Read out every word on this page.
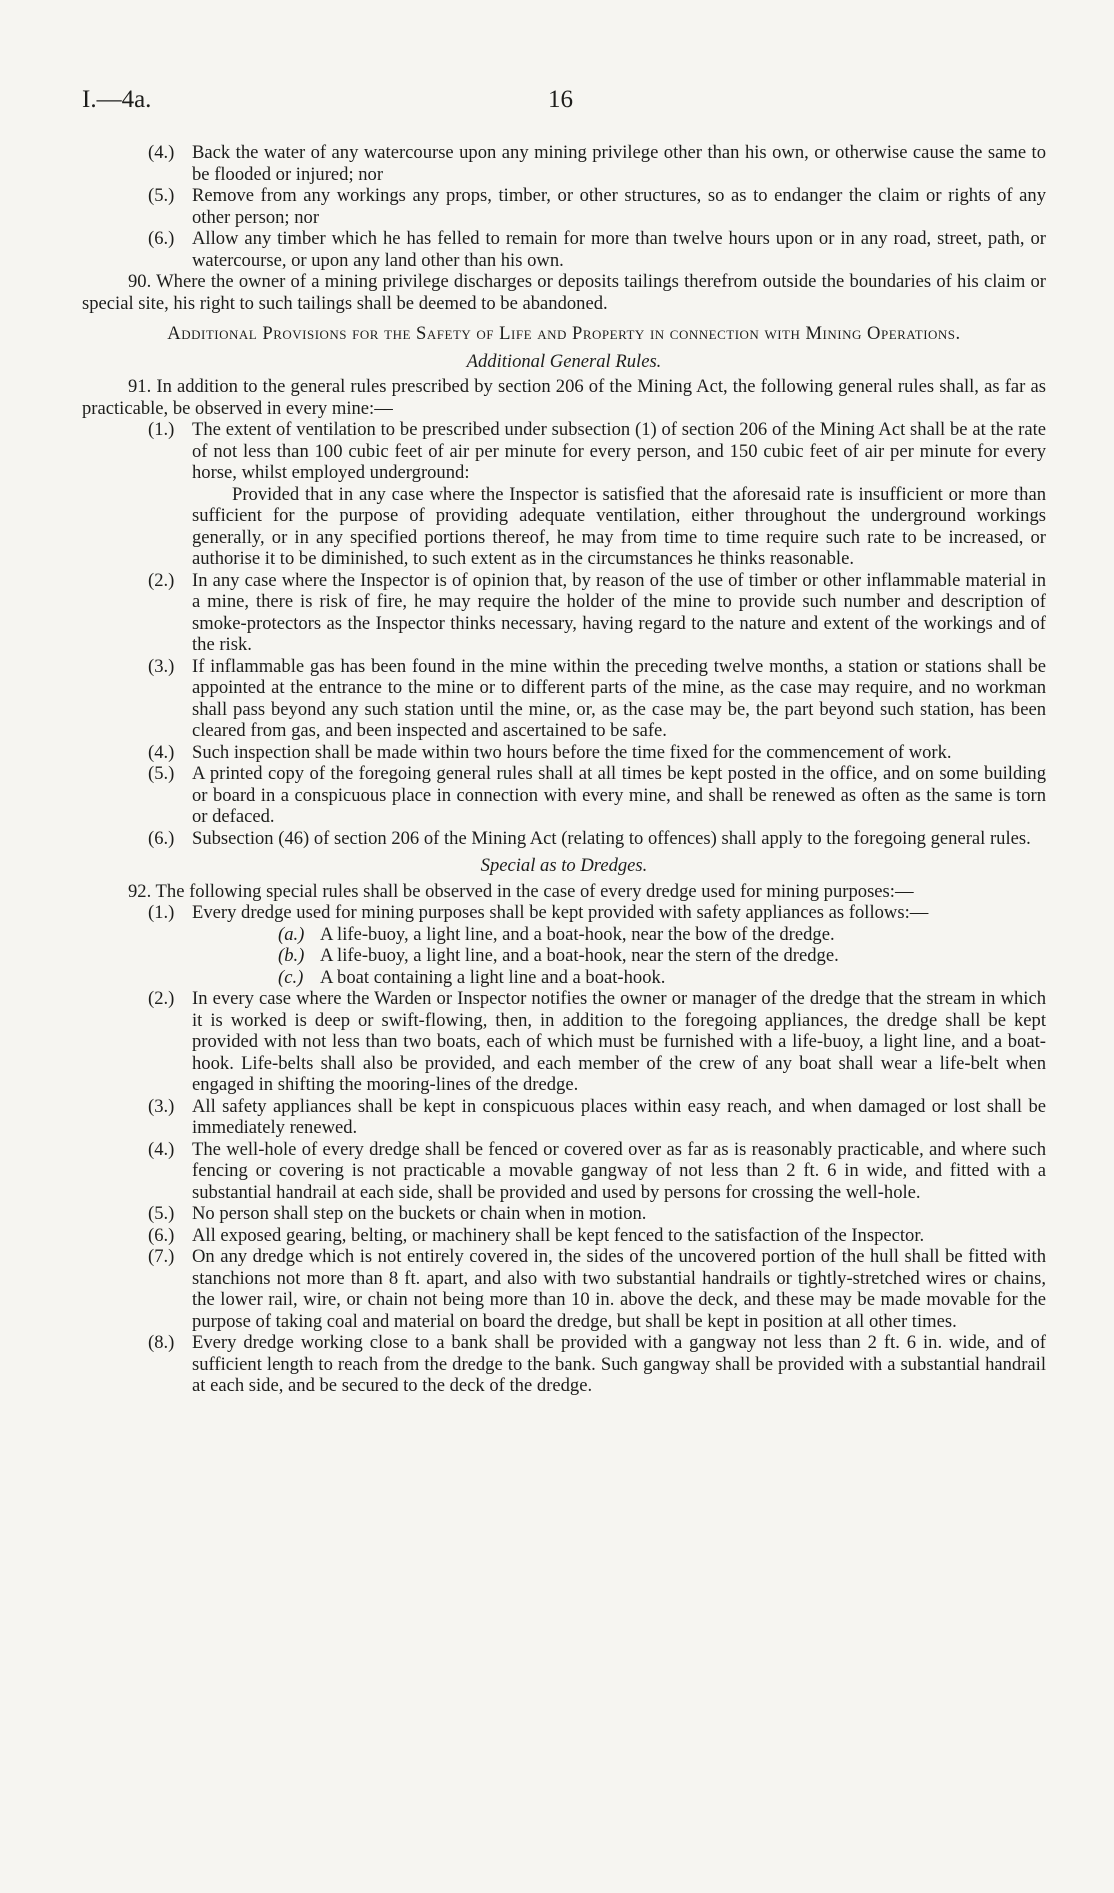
I.—4a.	16

(4.) Back the water of any watercourse upon any mining privilege other than his own, or otherwise cause the same to be flooded or injured; nor

(5.) Remove from any workings any props, timber, or other structures, so as to endanger the claim or rights of any other person; nor

(6.) Allow any timber which he has felled to remain for more than twelve hours upon or in any road, street, path, or watercourse, or upon any land other than his own.

90. Where the owner of a mining privilege discharges or deposits tailings therefrom outside the boundaries of his claim or special site, his right to such tailings shall be deemed to be abandoned.

Additional Provisions for the Safety of Life and Property in connection with Mining Operations.

Additional General Rules.

91. In addition to the general rules prescribed by section 206 of the Mining Act, the following general rules shall, as far as practicable, be observed in every mine:—

(1.) The extent of ventilation to be prescribed under subsection (1) of section 206 of the Mining Act shall be at the rate of not less than 100 cubic feet of air per minute for every person, and 150 cubic feet of air per minute for every horse, whilst employed underground:

Provided that in any case where the Inspector is satisfied that the aforesaid rate is insufficient or more than sufficient for the purpose of providing adequate ventilation, either throughout the underground workings generally, or in any specified portions thereof, he may from time to time require such rate to be increased, or authorise it to be diminished, to such extent as in the circumstances he thinks reasonable.

(2.) In any case where the Inspector is of opinion that, by reason of the use of timber or other inflammable material in a mine, there is risk of fire, he may require the holder of the mine to provide such number and description of smoke-protectors as the Inspector thinks necessary, having regard to the nature and extent of the workings and of the risk.

(3.) If inflammable gas has been found in the mine within the preceding twelve months, a station or stations shall be appointed at the entrance to the mine or to different parts of the mine, as the case may require, and no workman shall pass beyond any such station until the mine, or, as the case may be, the part beyond such station, has been cleared from gas, and been inspected and ascertained to be safe.

(4.) Such inspection shall be made within two hours before the time fixed for the commencement of work.

(5.) A printed copy of the foregoing general rules shall at all times be kept posted in the office, and on some building or board in a conspicuous place in connection with every mine, and shall be renewed as often as the same is torn or defaced.

(6.) Subsection (46) of section 206 of the Mining Act (relating to offences) shall apply to the foregoing general rules.

Special as to Dredges.

92. The following special rules shall be observed in the case of every dredge used for mining purposes:—

(1.) Every dredge used for mining purposes shall be kept provided with safety appliances as follows:—

(a.) A life-buoy, a light line, and a boat-hook, near the bow of the dredge.

(b.) A life-buoy, a light line, and a boat-hook, near the stern of the dredge.

(c.) A boat containing a light line and a boat-hook.

(2.) In every case where the Warden or Inspector notifies the owner or manager of the dredge that the stream in which it is worked is deep or swift-flowing, then, in addition to the foregoing appliances, the dredge shall be kept provided with not less than two boats, each of which must be furnished with a life-buoy, a light line, and a boat-hook. Life-belts shall also be provided, and each member of the crew of any boat shall wear a life-belt when engaged in shifting the mooring-lines of the dredge.

(3.) All safety appliances shall be kept in conspicuous places within easy reach, and when damaged or lost shall be immediately renewed.

(4.) The well-hole of every dredge shall be fenced or covered over as far as is reasonably practicable, and where such fencing or covering is not practicable a movable gangway of not less than 2 ft. 6 in wide, and fitted with a substantial handrail at each side, shall be provided and used by persons for crossing the well-hole.

(5.) No person shall step on the buckets or chain when in motion.

(6.) All exposed gearing, belting, or machinery shall be kept fenced to the satisfaction of the Inspector.

(7.) On any dredge which is not entirely covered in, the sides of the uncovered portion of the hull shall be fitted with stanchions not more than 8 ft. apart, and also with two substantial handrails or tightly-stretched wires or chains, the lower rail, wire, or chain not being more than 10 in. above the deck, and these may be made movable for the purpose of taking coal and material on board the dredge, but shall be kept in position at all other times.

(8.) Every dredge working close to a bank shall be provided with a gangway not less than 2 ft. 6 in. wide, and of sufficient length to reach from the dredge to the bank. Such gangway shall be provided with a substantial handrail at each side, and be secured to the deck of the dredge.
